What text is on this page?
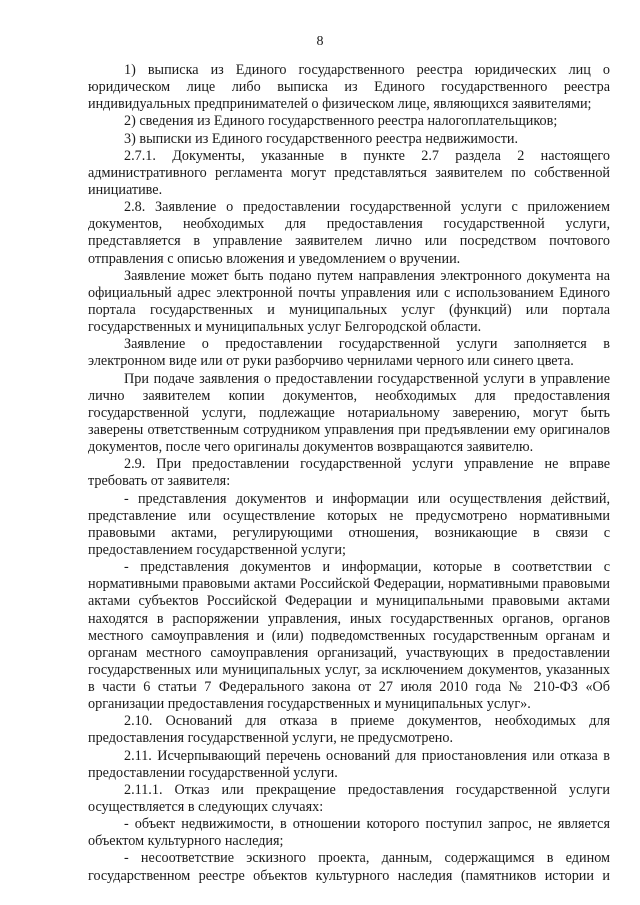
8
1) выписка из Единого государственного реестра юридических лиц о
юридическом лице либо выписка из Единого государственного реестра
индивидуальных предпринимателей о физическом лице, являющихся заявителями;
2) сведения из Единого государственного реестра налогоплательщиков;
3) выписки из Единого государственного реестра недвижимости.
2.7.1. Документы, указанные в пункте 2.7 раздела 2 настоящего
административного регламента могут представляться заявителем по собственной
инициативе.
2.8. Заявление о предоставлении государственной услуги с приложением
документов, необходимых для предоставления государственной услуги,
представляется в управление заявителем лично или посредством почтового
отправления с описью вложения и уведомлением о вручении.
Заявление может быть подано путем направления электронного документа на
официальный адрес электронной почты управления или с использованием Единого
портала государственных и муниципальных услуг (функций) или портала
государственных и муниципальных услуг Белгородской области.
Заявление о предоставлении государственной услуги заполняется в
электронном виде или от руки разборчиво чернилами черного или синего цвета.
При подаче заявления о предоставлении государственной услуги в управление
лично заявителем копии документов, необходимых для предоставления
государственной услуги, подлежащие нотариальному заверению, могут быть
заверены ответственным сотрудником управления при предъявлении ему оригиналов
документов, после чего оригиналы документов возвращаются заявителю.
2.9. При предоставлении государственной услуги управление не вправе
требовать от заявителя:
- представления документов и информации или осуществления действий,
представление или осуществление которых не предусмотрено нормативными
правовыми актами, регулирующими отношения, возникающие в связи с
предоставлением государственной услуги;
- представления документов и информации, которые в соответствии с
нормативными правовыми актами Российской Федерации, нормативными правовыми
актами субъектов Российской Федерации и муниципальными правовыми актами
находятся в распоряжении управления, иных государственных органов, органов
местного самоуправления и (или) подведомственных государственным органам и
органам местного самоуправления организаций, участвующих в предоставлении
государственных или муниципальных услуг, за исключением документов, указанных
в части 6 статьи 7 Федерального закона от 27 июля 2010 года № 210-ФЗ «Об
организации предоставления государственных и муниципальных услуг».
2.10. Оснований для отказа в приеме документов, необходимых для
предоставления государственной услуги, не предусмотрено.
2.11. Исчерпывающий перечень оснований для приостановления или отказа в
предоставлении государственной услуги.
2.11.1. Отказ или прекращение предоставления государственной услуги
осуществляется в следующих случаях:
- объект недвижимости, в отношении которого поступил запрос, не является
объектом культурного наследия;
- несоответствие эскизного проекта, данным, содержащимся в едином
государственном реестре объектов культурного наследия (памятников истории и
